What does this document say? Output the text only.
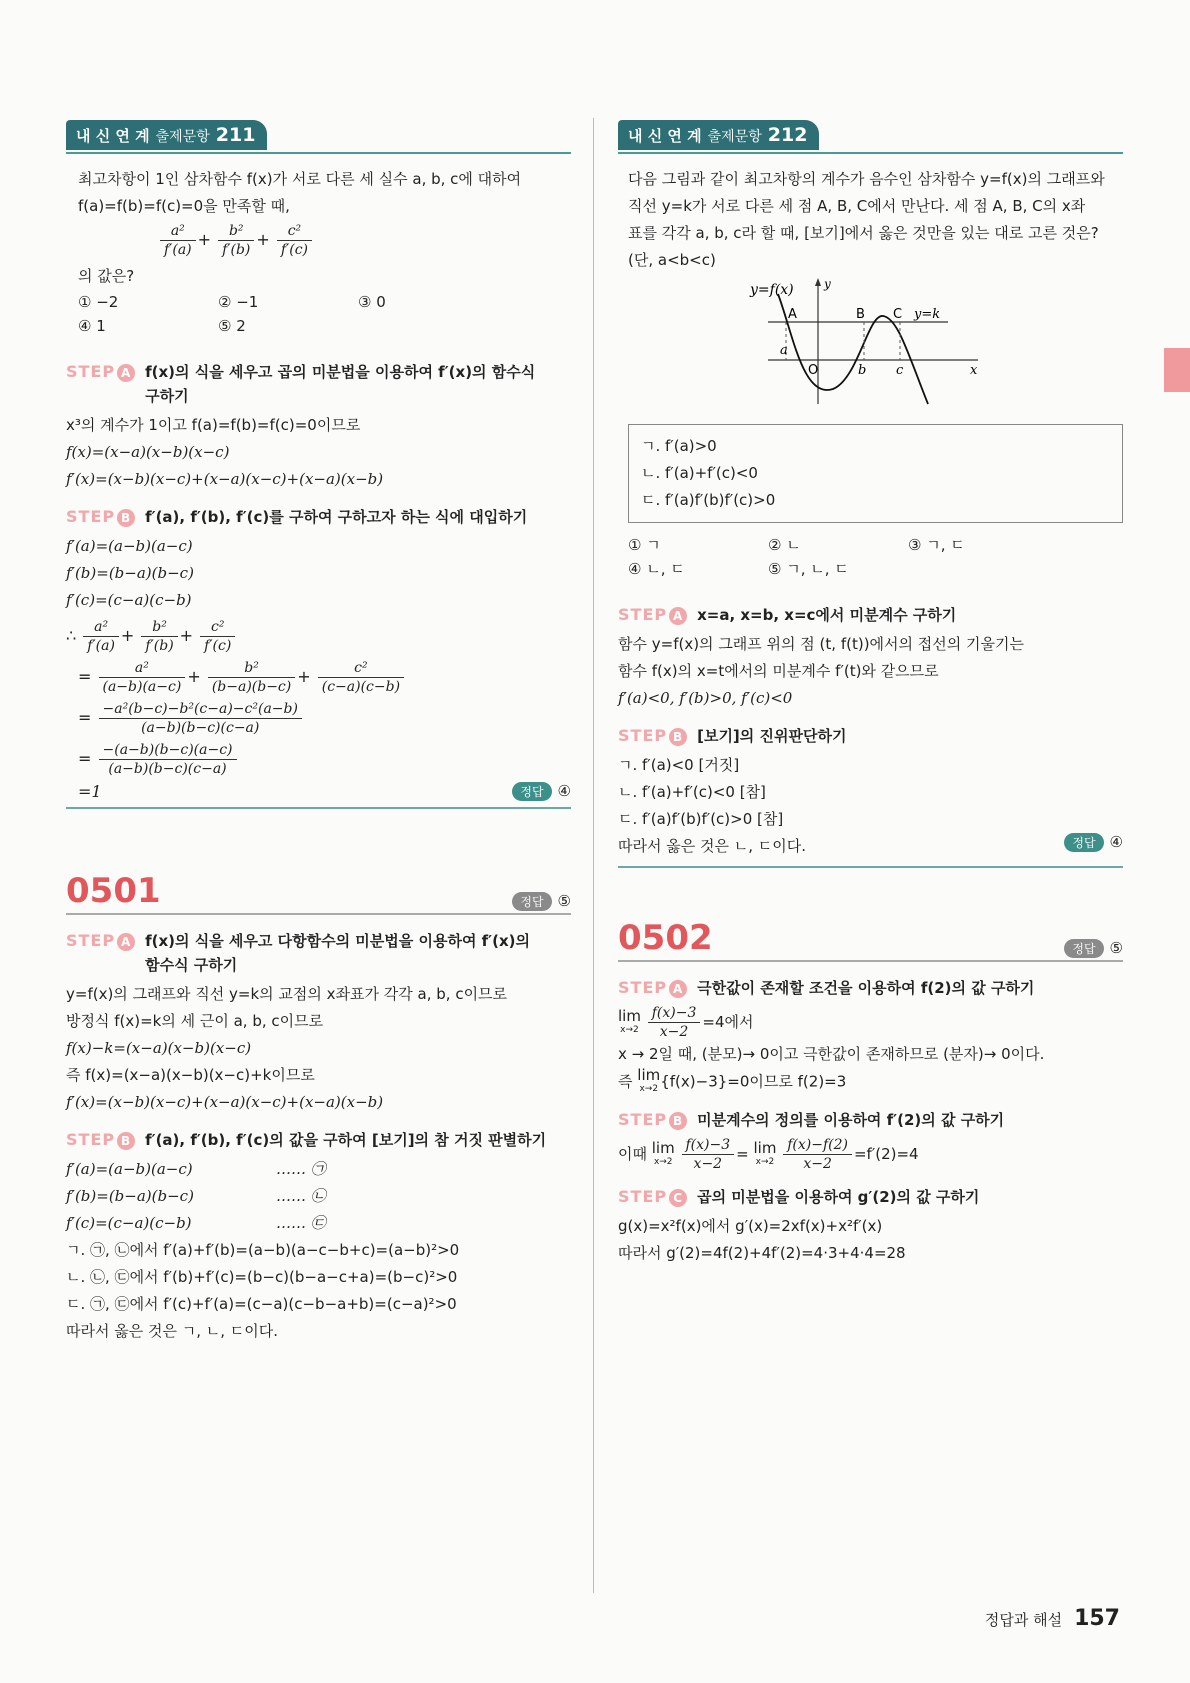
내 신 연 계 출제문항 211

최고차항이 1인 삼차함수 f(x)가 서로 다른 세 실수 a, b, c에 대하여

f(a)=f(b)=f(c)=0을 만족할 때,

$\frac{\text{a²}}{f'(a)} + \frac{\text{b²}}{f'(b)} + \frac{\text{c²}}{f'(c)}$

의 값은?

① −2	② −1	③ 0
④ 1	⑤ 2
STEP A f(x)의 식을 세우고 곱의 미분법을 이용하여 f′(x)의 함수식
구하기

x³의 계수가 1이고 f(a)=f(b)=f(c)=0이므로

f(x)=(x−a)(x−b)(x−c)

f′(x)=(x−b)(x−c)+(x−a)(x−c)+(x−a)(x−b)

STEP B f′(a), f′(b), f′(c)를 구하여 구하고자 하는 식에 대입하기

f′(a)=(a−b)(a−c)

f′(b)=(b−a)(b−c)

f′(c)=(c−a)(c−b)

∴ $\frac{\text{a²}}{f'(a)} + \frac{\text{b²}}{f'(b)} + \frac{\text{c²}}{f'(c)}$
= $\frac{\text{a²}}{(a-b)(a-c)} + \frac{\text{b²}}{(b-a)(b-c)} + \frac{\text{c²}}{(c-a)(c-b)}$
= $\frac{\text{−a²(b−c)−b²(c−a)−c²(a−b)}}{(a-b)(b-c)(c-a)}$
= $\frac{-(a-b)(b-c)(a-c)}{(a-b)(b-c)(c-a)}$
=1	정답 ④
0501	정답 ⑤
STEP A f(x)의 식을 세우고 다항함수의 미분법을 이용하여 f′(x)의
함수식 구하기

y=f(x)의 그래프와 직선 y=k의 교점의 x좌표가 각각 a, b, c이므로

방정식 f(x)=k의 세 근이 a, b, c이므로

f(x)−k=(x−a)(x−b)(x−c)

즉 f(x)=(x−a)(x−b)(x−c)+k이므로

f′(x)=(x−b)(x−c)+(x−a)(x−c)+(x−a)(x−b)

STEP B f′(a), f′(b), f′(c)의 값을 구하여 [보기]의 참 거짓 판별하기

f′(a)=(a−b)(a−c)	…… ㉠

f′(b)=(b−a)(b−c)	…… ㉡

f′(c)=(c−a)(c−b)	…… ㉢

ㄱ. ㉠, ㉡에서 f′(a)+f′(b)=(a−b)(a−c−b+c)=(a−b)²>0

ㄴ. ㉡, ㉢에서 f′(b)+f′(c)=(b−c)(b−a−c+a)=(b−c)²>0

ㄷ. ㉠, ㉢에서 f′(c)+f′(a)=(c−a)(c−b−a+b)=(c−a)²>0

따라서 옳은 것은 ㄱ, ㄴ, ㄷ이다.

내 신 연 계 출제문항 212

다음 그림과 같이 최고차항의 계수가 음수인 삼차함수 y=f(x)의 그래프와

직선 y=k가 서로 다른 세 점 A, B, C에서 만난다. 세 점 A, B, C의 x좌

표를 각각 a, b, c라 할 때, [보기]에서 옳은 것만을 있는 대로 고른 것은?

(단, a<b<c)

y=f(x)	y
A	B C y=k
a
O	b c	x
ㄱ. f′(a)>0
ㄴ. f′(a)+f′(c)<0
ㄷ. f′(a)f′(b)f′(c)>0
① ㄱ	② ㄴ	③ ㄱ, ㄷ
④ ㄴ, ㄷ	⑤ ㄱ, ㄴ, ㄷ
STEP A x=a, x=b, x=c에서 미분계수 구하기

함수 y=f(x)의 그래프 위의 점 (t, f(t))에서의 접선의 기울기는

함수 f(x)의 x=t에서의 미분계수 f′(t)와 같으므로

f′(a)<0, f′(b)>0, f′(c)<0

STEP B [보기]의 진위판단하기

ㄱ. f′(a)<0 [거짓]

ㄴ. f′(a)+f′(c)<0 [참]

ㄷ. f′(a)f′(b)f′(c)>0 [참]

따라서 옳은 것은 ㄴ, ㄷ이다.	정답 ④
0502	정답 ⑤
STEP A 극한값이 존재할 조건을 이용하여 f(2)의 값 구하기
lim
x→2
$\frac{f(x)-3}{x-2} =4$에서

x → 2일 때, (분모)→ 0이고 극한값이 존재하므로 (분자)→ 0이다.

즉 lim
x→2 {f(x)−3}=0이므로 f(2)=3
STEP B 미분계수의 정의를 이용하여 f′(2)의 값 구하기
이때 lim
x→2
$\frac{f(x)-3}{x-2} = \lim$
x→2
$\frac{f(x)-f(2)}{x-2} =f'(2)=4$
STEP C 곱의 미분법을 이용하여 g′(2)의 값 구하기

g(x)=x²f(x)에서 g′(x)=2xf(x)+x²f′(x)

따라서 g′(2)=4f(2)+4f′(2)=4·3+4·4=28

정답과 해설 157
